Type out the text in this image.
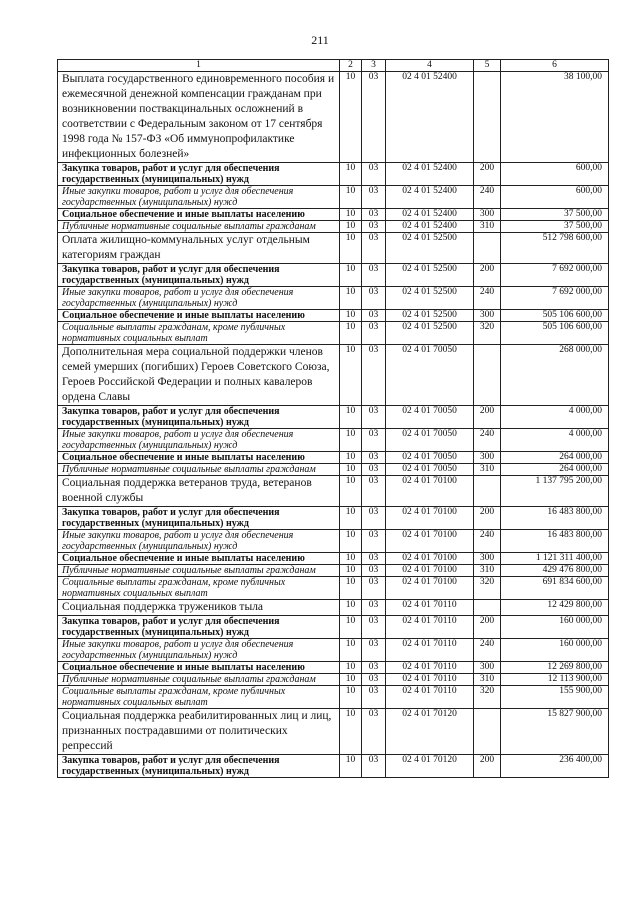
211
1	2	3	4	5	6
Выплата государственного единовременного пособия и ежемесячной денежной компенсации гражданам при возникновении поствакцинальных осложнений в соответствии с Федеральным законом от 17 сентября 1998 года № 157-ФЗ «Об иммунопрофилактике инфекционных болезней»	10	03	02 4 01 52400		38 100,00
Закупка товаров, работ и услуг для обеспечения государственных (муниципальных) нужд	10	03	02 4 01 52400	200	600,00
Иные закупки товаров, работ и услуг для обеспечения государственных (муниципальных) нужд	10	03	02 4 01 52400	240	600,00
Социальное обеспечение и иные выплаты населению	10	03	02 4 01 52400	300	37 500,00
Публичные нормативные социальные выплаты гражданам	10	03	02 4 01 52400	310	37 500,00
Оплата жилищно-коммунальных услуг отдельным категориям граждан	10	03	02 4 01 52500		512 798 600,00
Закупка товаров, работ и услуг для обеспечения государственных (муниципальных) нужд	10	03	02 4 01 52500	200	7 692 000,00
Иные закупки товаров, работ и услуг для обеспечения государственных (муниципальных) нужд	10	03	02 4 01 52500	240	7 692 000,00
Социальное обеспечение и иные выплаты населению	10	03	02 4 01 52500	300	505 106 600,00
Социальные выплаты гражданам, кроме публичных нормативных социальных выплат	10	03	02 4 01 52500	320	505 106 600,00
Дополнительная мера социальной поддержки членов семей умерших (погибших) Героев Советского Союза, Героев Российской Федерации и полных кавалеров ордена Славы	10	03	02 4 01 70050		268 000,00
Закупка товаров, работ и услуг для обеспечения государственных (муниципальных) нужд	10	03	02 4 01 70050	200	4 000,00
Иные закупки товаров, работ и услуг для обеспечения государственных (муниципальных) нужд	10	03	02 4 01 70050	240	4 000,00
Социальное обеспечение и иные выплаты населению	10	03	02 4 01 70050	300	264 000,00
Публичные нормативные социальные выплаты гражданам	10	03	02 4 01 70050	310	264 000,00
Социальная поддержка ветеранов труда, ветеранов военной службы	10	03	02 4 01 70100		1 137 795 200,00
Закупка товаров, работ и услуг для обеспечения государственных (муниципальных) нужд	10	03	02 4 01 70100	200	16 483 800,00
Иные закупки товаров, работ и услуг для обеспечения государственных (муниципальных) нужд	10	03	02 4 01 70100	240	16 483 800,00
Социальное обеспечение и иные выплаты населению	10	03	02 4 01 70100	300	1 121 311 400,00
Публичные нормативные социальные выплаты гражданам	10	03	02 4 01 70100	310	429 476 800,00
Социальные выплаты гражданам, кроме публичных нормативных социальных выплат	10	03	02 4 01 70100	320	691 834 600,00
Социальная поддержка тружеников тыла	10	03	02 4 01 70110		12 429 800,00
Закупка товаров, работ и услуг для обеспечения государственных (муниципальных) нужд	10	03	02 4 01 70110	200	160 000,00
Иные закупки товаров, работ и услуг для обеспечения государственных (муниципальных) нужд	10	03	02 4 01 70110	240	160 000,00
Социальное обеспечение и иные выплаты населению	10	03	02 4 01 70110	300	12 269 800,00
Публичные нормативные социальные выплаты гражданам	10	03	02 4 01 70110	310	12 113 900,00
Социальные выплаты гражданам, кроме публичных нормативных социальных выплат	10	03	02 4 01 70110	320	155 900,00
Социальная поддержка реабилитированных лиц и лиц, признанных пострадавшими от политических репрессий	10	03	02 4 01 70120		15 827 900,00
Закупка товаров, работ и услуг для обеспечения государственных (муниципальных) нужд	10	03	02 4 01 70120	200	236 400,00
